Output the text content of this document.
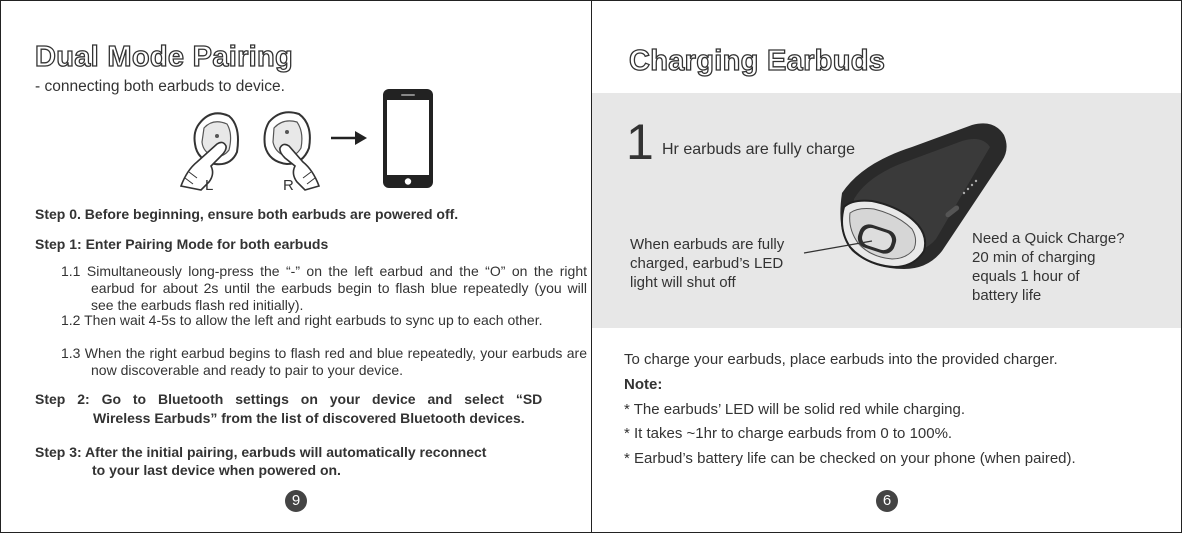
Dual Mode Pairing
- connecting both earbuds to device.
L	R
Step 0. Before beginning, ensure both earbuds are powered off.
Step 1: Enter Pairing Mode for both earbuds
1.1 Simultaneously long-press the “-” on the left earbud and the “O” on the right earbud for about 2s until the earbuds begin to flash blue repeatedly (you will see the earbuds flash red initially).
1.2 Then wait 4-5s to allow the left and right earbuds to sync up to each other.
1.3 When the right earbud begins to flash red and blue repeatedly, your earbuds are now discoverable and ready to pair to your device.
Step 2: Go to Bluetooth settings on your device and select “SD
Wireless Earbuds” from the list of discovered Bluetooth devices.
Step 3: After the initial pairing, earbuds will automatically reconnect
to your last device when powered on.
9
Charging Earbuds
1 Hr earbuds are fully charge
When earbuds are fully
charged, earbud’s LED
light will shut off
Need a Quick Charge?
20 min of charging
equals 1 hour of
battery life
To charge your earbuds, place earbuds into the provided charger.
Note:
* The earbuds’ LED will be solid red while charging.
* It takes ~1hr to charge earbuds from 0 to 100%.
* Earbud’s battery life can be checked on your phone (when paired).
6
